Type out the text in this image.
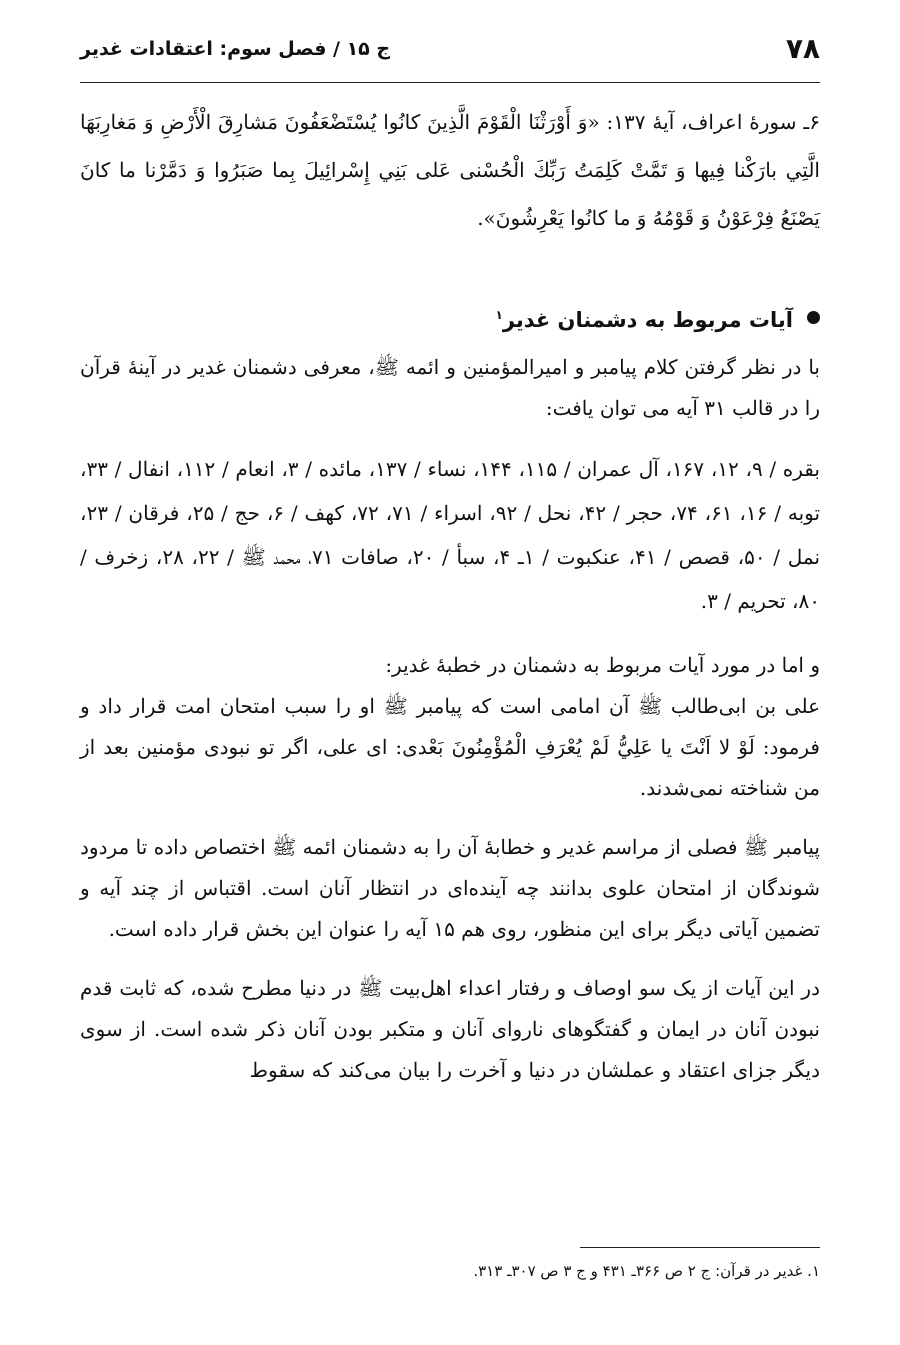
۷۸
ج ۱۵ / فصل سوم: اعتقادات غدیر

۶ـ سورهٔ اعراف، آیهٔ ۱۳۷: «وَ أَوْرَثْنَا الْقَوْمَ الَّذِينَ كانُوا يُسْتَضْعَفُونَ مَشارِقَ الْأَرْضِ وَ مَغارِبَهَا الَّتِي بارَكْنا فِيها وَ تَمَّتْ كَلِمَتُ رَبِّكَ الْحُسْنى عَلى بَنِي إِسْرائِيلَ بِما صَبَرُوا وَ دَمَّرْنا ما كانَ يَصْنَعُ فِرْعَوْنُ وَ قَوْمُهُ وَ ما كانُوا يَعْرِشُونَ».

آیات مربوط به دشمنان غدیر$^۱$

با در نظر گرفتن کلام پیامبر و امیرالمؤمنین و ائمه ﷺ، معرفی دشمنان غدیر در آینهٔ قرآن را در قالب ۳۱ آیه می توان یافت:

بقره / ۹، ۱۲، ۱۶۷، آل عمران / ۱۱۵، ۱۴۴، نساء / ۱۳۷، مائده / ۳، انعام / ۱۱۲، انفال / ۳۳، توبه / ۱۶، ۶۱، ۷۴، حجر / ۴۲، نحل / ۹۲، اسراء / ۷۱، ۷۲، کهف / ۶، حج / ۲۵، فرقان / ۲۳، نمل / ۵۰، قصص / ۴۱، عنکبوت / ۱ـ ۴، سبأ / ۲۰، صافات ۷۱، محمد ﷺ / ۲۲، ۲۸، زخرف / ۸۰، تحریم / ۳.

و اما در مورد آیات مربوط به دشمنان در خطبهٔ غدیر:

علی بن ابی‌طالب ﷺ آن امامی است که پیامبر ﷺ او را سبب امتحان امت قرار داد و فرمود: لَوْ لا اَنْتَ يا عَلِيُّ لَمْ يُعْرَفِ الْمُؤْمِنُونَ بَعْدى: ای علی، اگر تو نبودی مؤمنین بعد از من شناخته نمی‌شدند.

پیامبر ﷺ فصلی از مراسم غدیر و خطابهٔ آن را به دشمنان ائمه ﷺ اختصاص داده تا مردود شوندگان از امتحان علوی بدانند چه آینده‌ای در انتظار آنان است. اقتباس از چند آیه و تضمین آیاتی دیگر برای این منظور، روی هم ۱۵ آیه را عنوان این بخش قرار داده است.

در این آیات از یک سو اوصاف و رفتار اعداء اهل‌بیت ﷺ در دنیا مطرح شده، که ثابت قدم نبودن آنان در ایمان و گفتگوهای ناروای آنان و متکبر بودن آنان ذکر شده است. از سوی دیگر جزای اعتقاد و عملشان در دنیا و آخرت را بیان می‌کند که سقوط

۱. غدیر در قرآن: ج ۲ ص ۳۶۶ـ ۴۳۱ و ج ۳ ص ۳۰۷ـ ۳۱۳.
